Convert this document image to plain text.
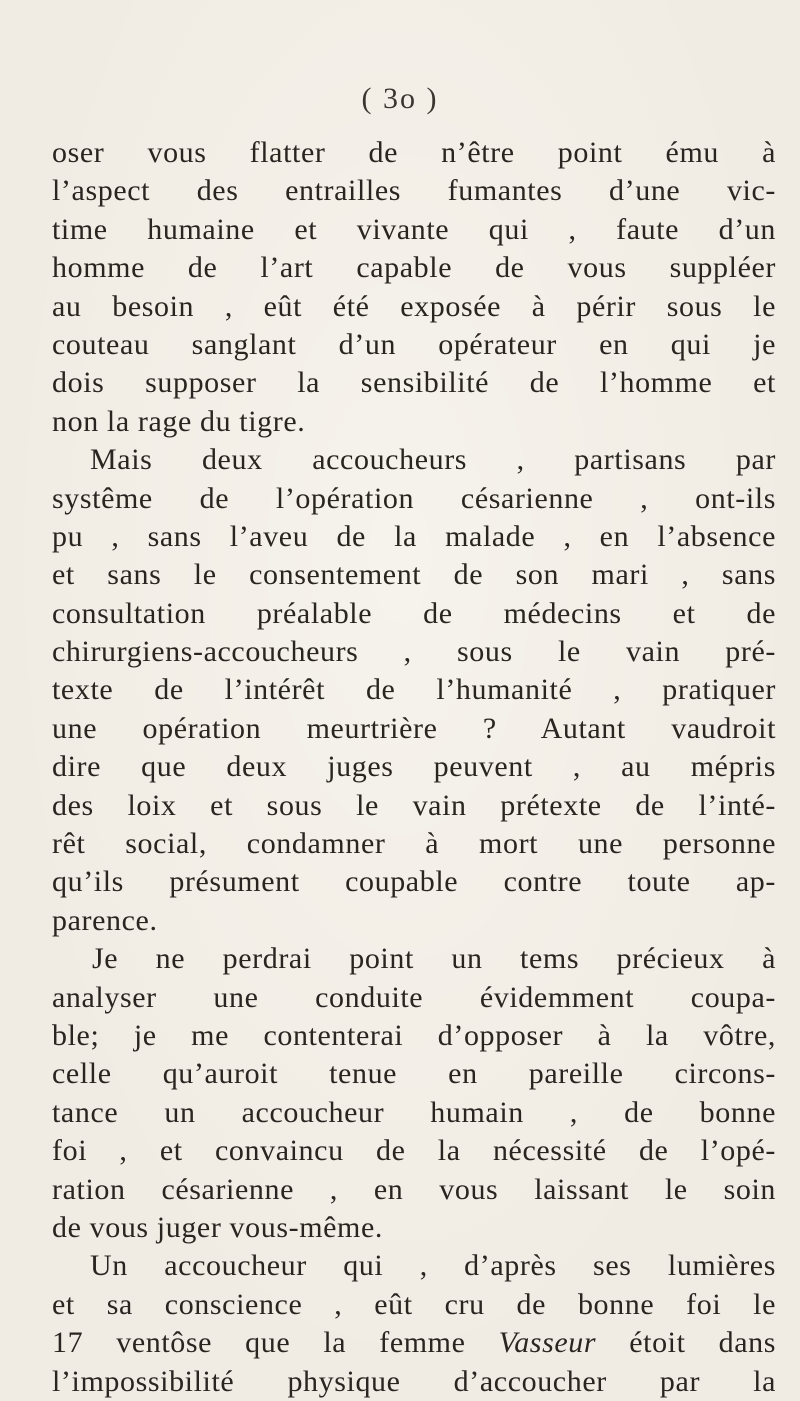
( 3o )
oser vous flatter de n’être point ému à
l’aspect des entrailles fumantes d’une vic-
time humaine et vivante qui , faute d’un
homme de l’art capable de vous suppléer
au besoin , eût été exposée à périr sous le
couteau sanglant d’un opérateur en qui je
dois supposer la sensibilité de l’homme et
non la rage du tigre.
Mais deux accoucheurs , partisans par
systême de l’opération césarienne , ont-ils
pu , sans l’aveu de la malade , en l’absence
et sans le consentement de son mari , sans
consultation préalable de médecins et de
chirurgiens-accoucheurs , sous le vain pré-
texte de l’intérêt de l’humanité , pratiquer
une opération meurtrière ? Autant vaudroit
dire que deux juges peuvent , au mépris
des loix et sous le vain prétexte de l’inté-
rêt social, condamner à mort une personne
qu’ils présument coupable contre toute ap-
parence.
Je ne perdrai point un tems précieux à
analyser une conduite évidemment coupa-
ble; je me contenterai d’opposer à la vôtre,
celle qu’auroit tenue en pareille circons-
tance un accoucheur humain , de bonne
foi , et convaincu de la nécessité de l’opé-
ration césarienne , en vous laissant le soin
de vous juger vous-même.
Un accoucheur qui , d’après ses lumières
et sa conscience , eût cru de bonne foi le
17 ventôse que la femme Vasseur étoit dans
l’impossibilité physique d’accoucher par la
